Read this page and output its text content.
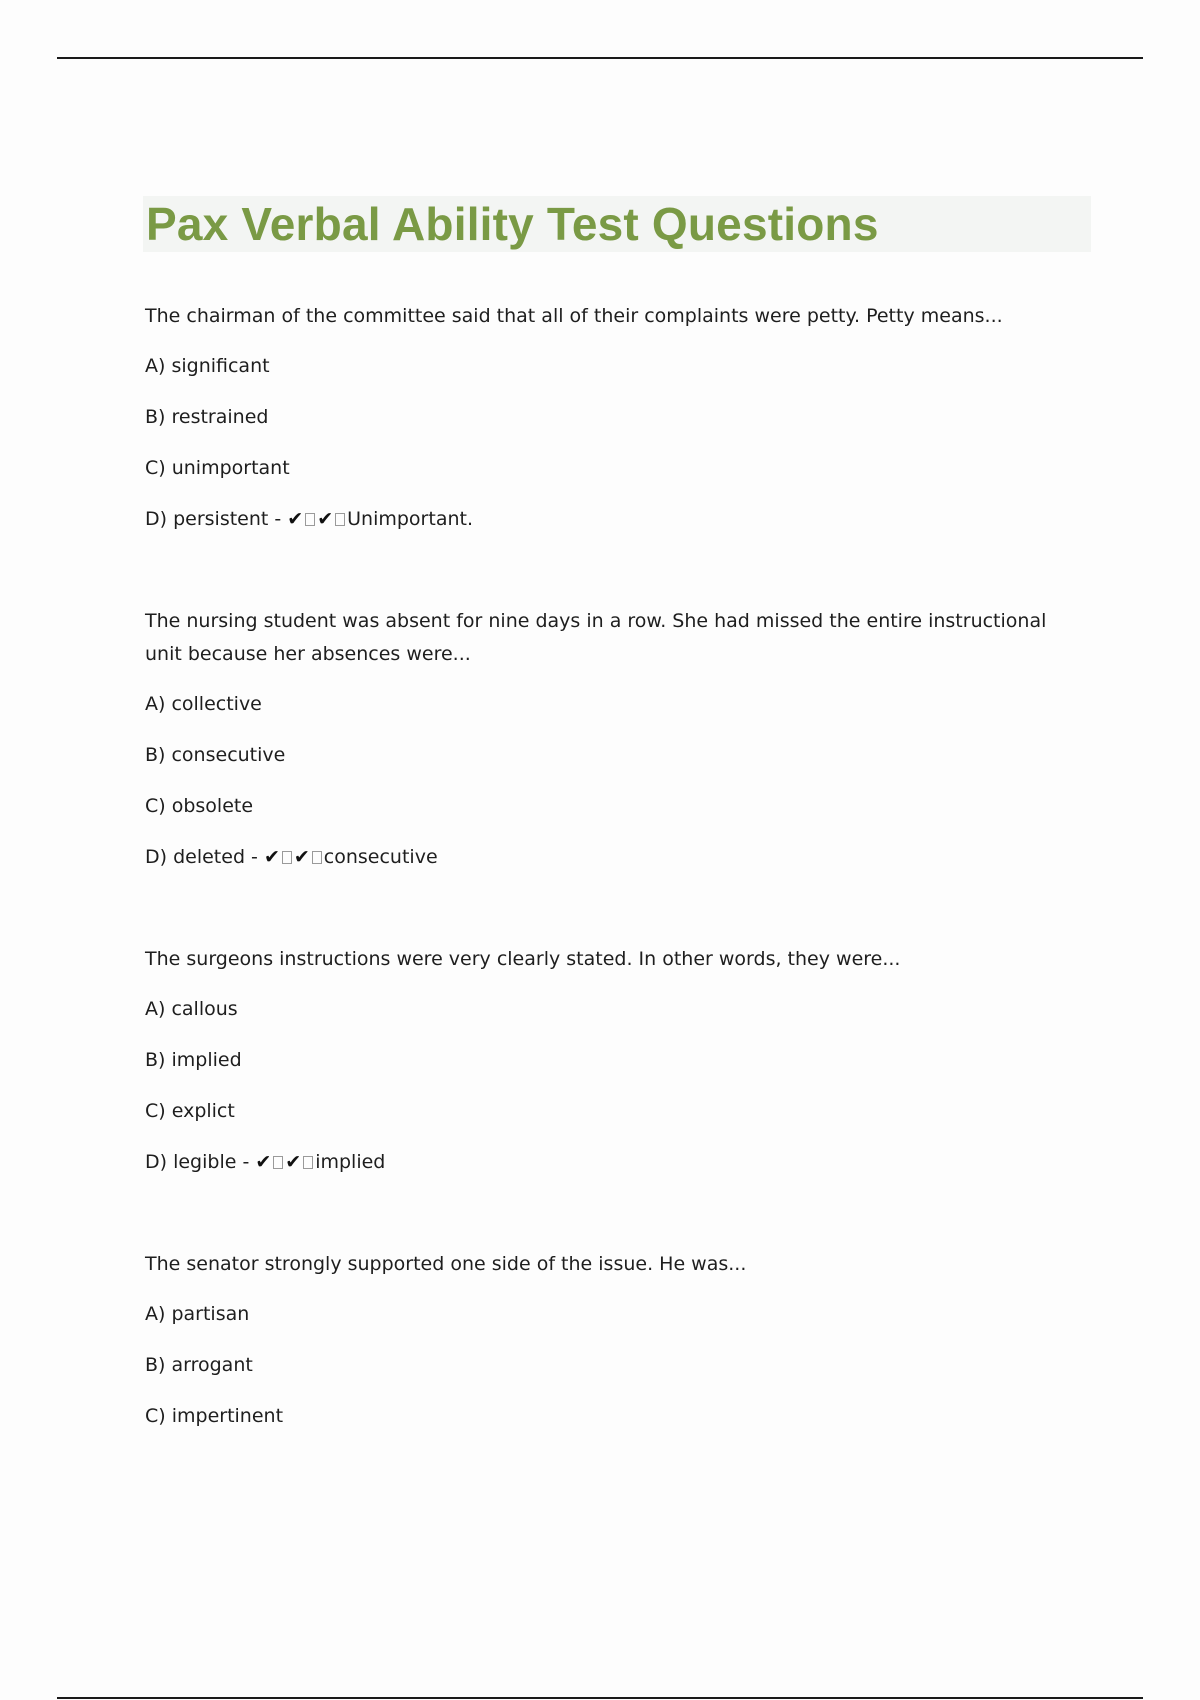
Pax Verbal Ability Test Questions

The chairman of the committee said that all of their complaints were petty. Petty means...

A) significant

B) restrained

C) unimportant

D) persistent - ✔ ✔ Unimportant.

The nursing student was absent for nine days in a row. She had missed the entire instructional unit because her absences were...

A) collective

B) consecutive

C) obsolete

D) deleted - ✔ ✔ consecutive

The surgeons instructions were very clearly stated. In other words, they were...

A) callous

B) implied

C) explict

D) legible - ✔ ✔ implied

The senator strongly supported one side of the issue. He was...

A) partisan

B) arrogant

C) impertinent
